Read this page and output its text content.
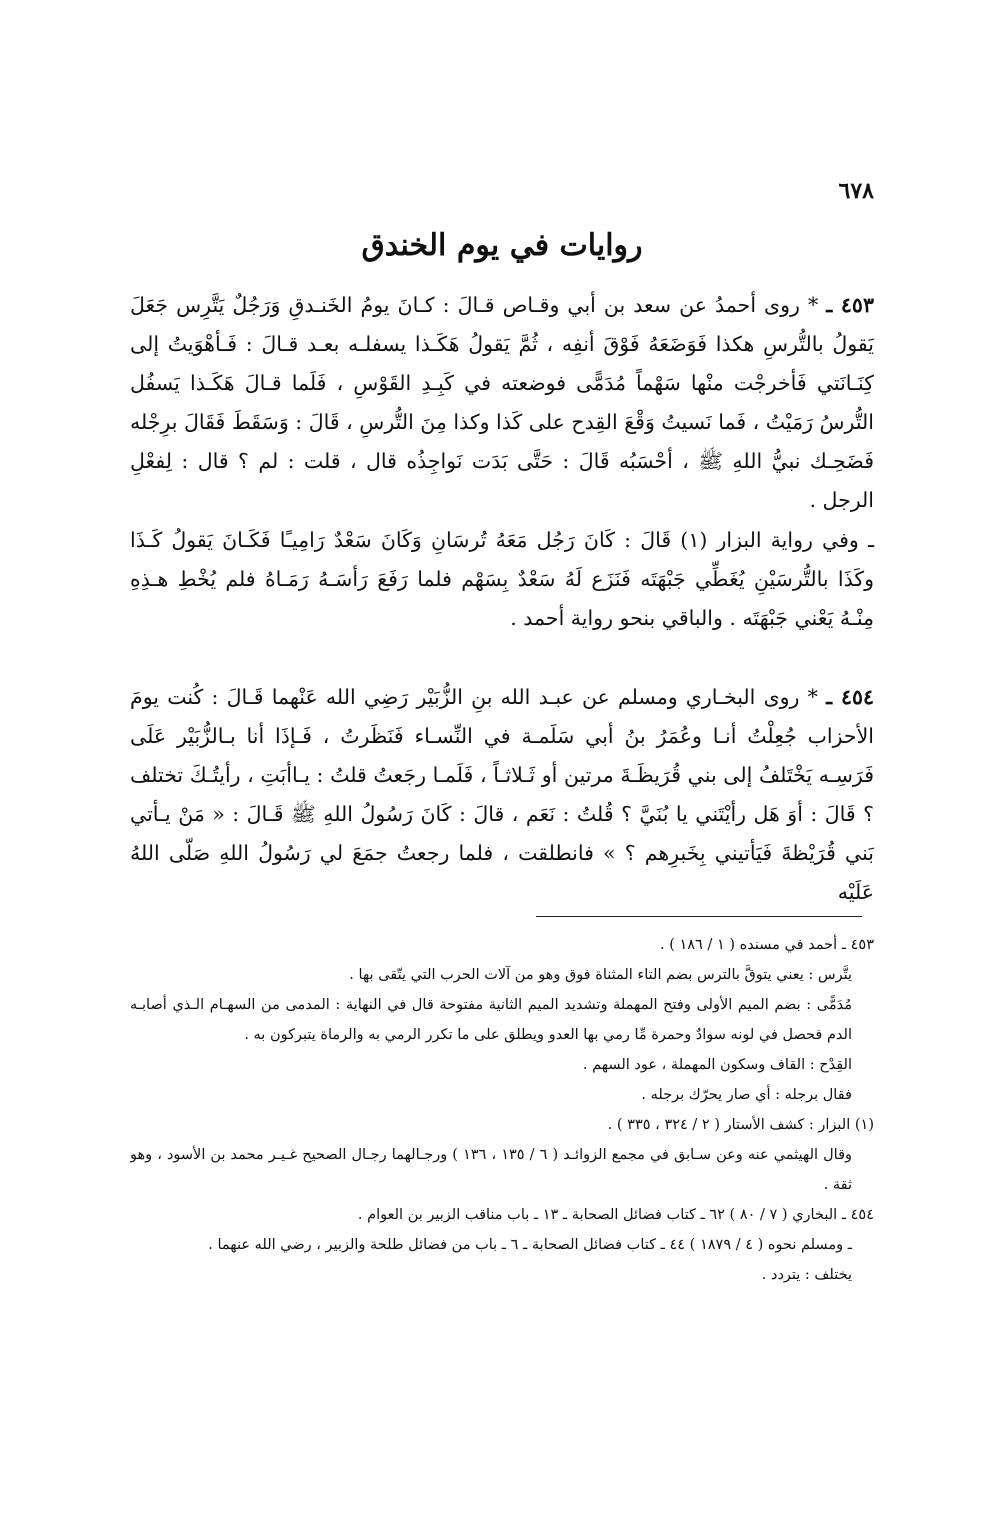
٦٧٨
روايات في يوم الخندق

٤٥٣ ـ * روى أحمدُ عن سعد بن أبي وقـاص قـالَ : كـانَ يومُ الخَنـدقِ وَرَجُلٌ يَتَّرِس جَعَلَ يَقولُ بالتُّرسِ هكذا فَوَضَعَهُ فَوْقَ أنفِه ، ثُمَّ يَقولُ هَكَـذا يسفلـه بعـد قـالَ : فَـأهْوَيتُ إلى كِنَـانَتي فَأخرجْت منْها سَهْماً مُدَمًّى فوضعته في كَبِـدِ القَوْسِ ، فَلَما قـالَ هَكَـذا يَسفُل التُّرسُ رَمَيْتُ ، فَما نَسيتُ وَقْعَ القِدح على كَذا وكذا مِنَ التُّرسِ ، قَالَ : وَسَقَطَ فَقَالَ برِجْله فَضَحِـك نبيُّ اللهِ ﷺ ، أحْسَبُه قَالَ : حَتَّى بَدَت نَواجِذُه قال ، قلت : لم ؟ قال : لِفعْلِ الرجل .

ـ وفي رواية البزار (١) قَالَ : كَانَ رَجُل مَعَهُ تُرسَانِ وَكَانَ سَعْدٌ رَامِيـًا فَكَـانَ يَقولُ كَـذَا وكَذَا بالتُّرسَيْنِ يُغَطِّي جَبْهَتَه فَنَزَع لَهُ سَعْدٌ بِسَهْم فلما رَفَعَ رَأسَـهُ رَمَـاهُ فلم يُخْطِ هـذِهِ مِنْـهُ يَعْني جَبْهَتَه . والباقي بنحو رواية أحمد .

٤٥٤ ـ * روى البخـاري ومسلم عن عبـد الله بنِ الزُّبَيْر رَضِي الله عَنْهما قَـالَ : كُنت يومَ الأحزاب جُعِلْتُ أنـا وعُمَرُ بنُ أبي سَلَمـة في النِّسـاء فَنَظَرتُ ، فَـإذَا أنا بـالزُّبَيْر عَلَى فَرَسِـه يَخْتَلفُ إلى بني قُرَيظَـةَ مرتين أو ثَـلاثـاً ، فَلَمـا رجَعتُ قلتُ : يـاأبَتِ ، رأيتُـكَ تختلف ؟ قَالَ : أوَ هَل رأيْتَني يا بُنَيَّ ؟ قُلتُ : نَعَم ، قالَ : كَانَ رَسُولُ اللهِ ﷺ قَـالَ : « مَنْ يـأتي بَني قُرَيْظةَ فَيَأتيني بِخَبرِهم ؟ » فانطلقت ، فلما رجعتُ جمَعَ لي رَسُولُ اللهِ صَلّى اللهُ عَلَيْه

٤٥٣ ـ أحمد في مسنده ( ١ / ١٨٦ ) .

يتَّرس : يعني يتوقَّ بالترس بضم التاء المثناة فوق وهو من آلات الحرب التي يتّقى بها .

مُدَمًّى : بضم الميم الأولى وفتح المهملة وتشديد الميم الثانية مفتوحة قال في النهاية : المدمى من السهـام الـذي أصابـه الدم فحصل في لونه سوادٌ وحمرة مِّا رمي بها العدو ويطلق على ما تكرر الرمي به والرماة يتبركون به .

القِدْح : القاف وسكون المهملة ، عود السهم .

فقال برجله : أي صار يحرّك برجله .

(١) البزار : كشف الأستار ( ٢ / ٣٢٤ ، ٣٣٥ ) .

وقال الهيثمي عنه وعن سـابق في مجمع الزوائـد ( ٦ / ١٣٥ ، ١٣٦ ) ورجـالهما رجـال الصحيح غـيـر محمد بن الأسود ، وهو ثقة .

٤٥٤ ـ البخاري ( ٧ / ٨٠ ) ٦٢ ـ كتاب فضائل الصحابة ـ ١٣ ـ باب مناقب الزبير بن العوام .

ـ ومسلم نحوه ( ٤ / ١٨٧٩ ) ٤٤ ـ كتاب فضائل الصحابة ـ ٦ ـ باب من فضائل طلحة والزبير ، رضي الله عنهما .

يختلف : يتردد .
